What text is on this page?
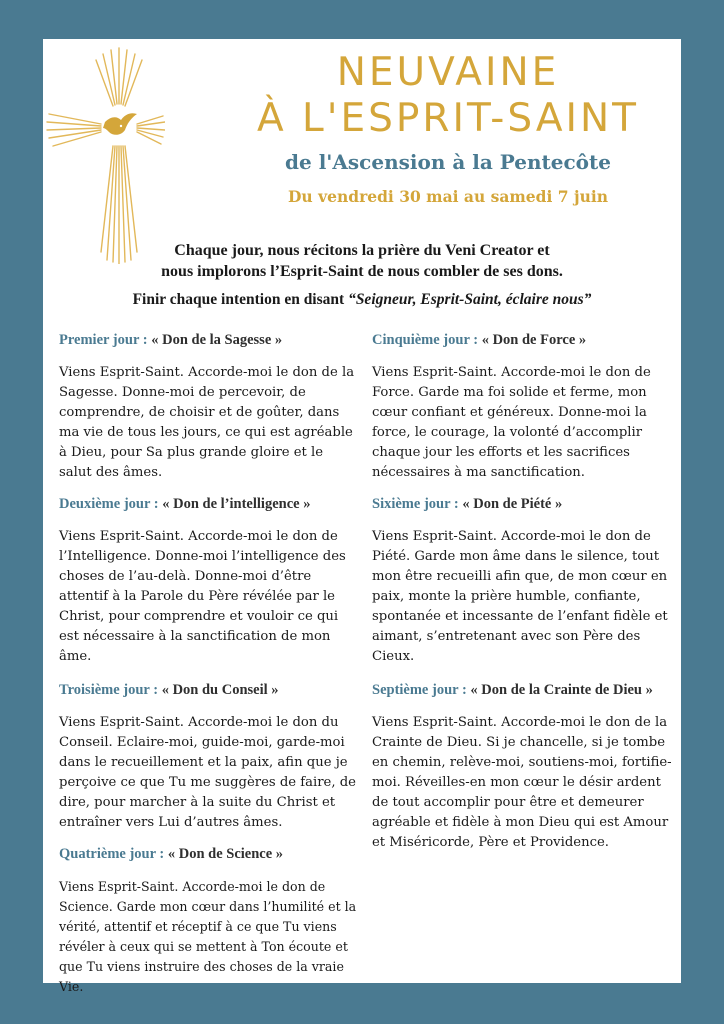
NEUVAINE
À L'ESPRIT-SAINT
de l'Ascension à la Pentecôte
Du vendredi 30 mai au samedi 7 juin
Chaque jour, nous récitons la prière du Veni Creator et
nous implorons l’Esprit-Saint de nous combler de ses dons.
Finir chaque intention en disant “Seigneur, Esprit-Saint, éclaire nous”
Premier jour : « Don de la Sagesse »
Viens Esprit-Saint. Accorde-moi le don de la Sagesse. Donne-moi de percevoir, de comprendre, de choisir et de goûter, dans ma vie de tous les jours, ce qui est agréable à Dieu, pour Sa plus grande gloire et le salut des âmes.
Deuxième jour : « Don de l’intelligence »
Viens Esprit-Saint. Accorde-moi le don de l’Intelligence. Donne-moi l’intelligence des choses de l’au-delà. Donne-moi d’être attentif à la Parole du Père révélée par le Christ, pour comprendre et vouloir ce qui est nécessaire à la sanctification de mon âme.
Troisième jour : « Don du Conseil »
Viens Esprit-Saint. Accorde-moi le don du Conseil. Eclaire-moi, guide-moi, garde-moi dans le recueillement et la paix, afin que je perçoive ce que Tu me suggères de faire, de dire, pour marcher à la suite du Christ et entraîner vers Lui d’autres âmes.
Quatrième jour : « Don de Science »
Viens Esprit-Saint. Accorde-moi le don de Science. Garde mon cœur dans l’humilité et la vérité, attentif et réceptif à ce que Tu viens révéler à ceux qui se mettent à Ton écoute et que Tu viens instruire des choses de la vraie Vie.
Cinquième jour : « Don de Force »
Viens Esprit-Saint. Accorde-moi le don de Force. Garde ma foi solide et ferme, mon cœur confiant et généreux. Donne-moi la force, le courage, la volonté d’accomplir chaque jour les efforts et les sacrifices nécessaires à ma sanctification.
Sixième jour : « Don de Piété »
Viens Esprit-Saint. Accorde-moi le don de Piété. Garde mon âme dans le silence, tout mon être recueilli afin que, de mon cœur en paix, monte la prière humble, confiante, spontanée et incessante de l’enfant fidèle et aimant, s’entretenant avec son Père des Cieux.
Septième jour : « Don de la Crainte de Dieu »
Viens Esprit-Saint. Accorde-moi le don de la Crainte de Dieu. Si je chancelle, si je tombe en chemin, relève-moi, soutiens-moi, fortifie-moi. Réveilles-en mon cœur le désir ardent de tout accomplir pour être et demeurer agréable et fidèle à mon Dieu qui est Amour et Miséricorde, Père et Providence.
